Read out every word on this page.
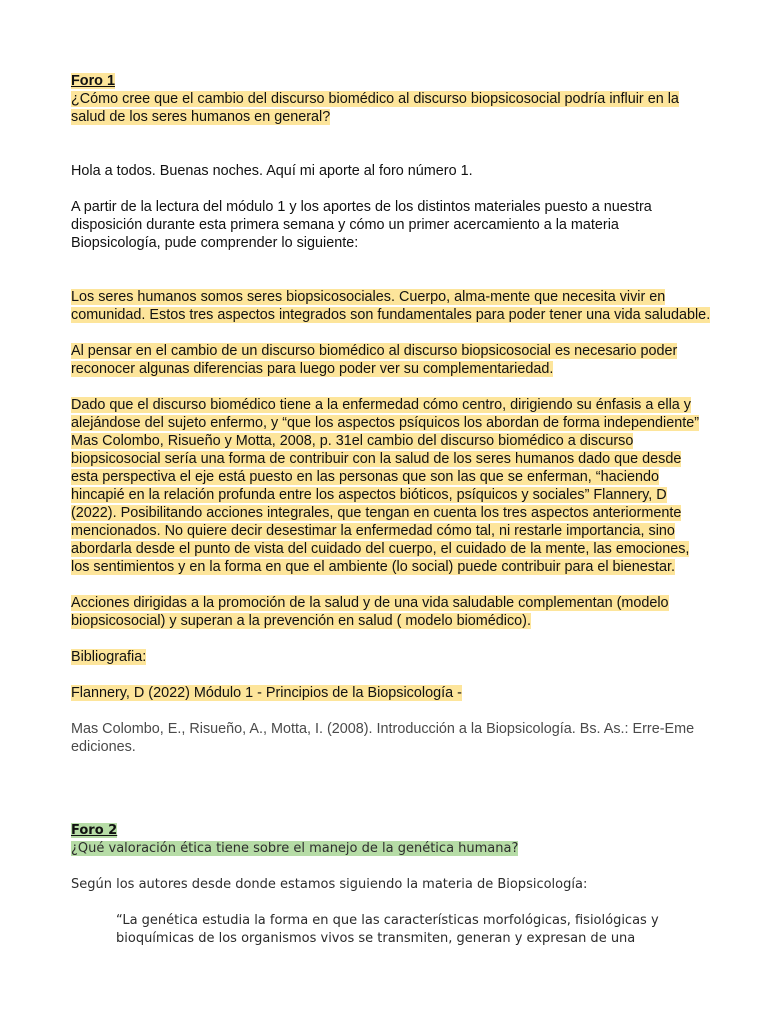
Foro 1
¿Cómo cree que el cambio del discurso biomédico al discurso biopsicosocial podría influir en la salud de los seres humanos en general?
Hola a todos. Buenas noches. Aquí mi aporte al foro número 1.
A partir de la lectura del módulo 1 y los aportes de los distintos materiales puesto a nuestra disposición durante esta primera semana y cómo un primer acercamiento a la materia Biopsicología, pude comprender lo siguiente:
Los seres humanos somos seres biopsicosociales. Cuerpo, alma-mente que necesita vivir en comunidad. Estos tres aspectos integrados son fundamentales para poder tener una vida saludable.
Al pensar en el cambio de un discurso biomédico al discurso biopsicosocial es necesario poder reconocer algunas diferencias para luego poder ver su complementariedad.
Dado que el discurso biomédico tiene a la enfermedad cómo centro, dirigiendo su énfasis a ella y alejándose del sujeto enfermo, y “que los aspectos psíquicos los abordan de forma independiente” Mas Colombo, Risueño y Motta, 2008, p. 31el cambio del discurso biomédico a discurso biopsicosocial sería una forma de contribuir con la salud de los seres humanos dado que desde esta perspectiva el eje está puesto en las personas que son las que se enferman, “haciendo hincapié en la relación profunda entre los aspectos bióticos, psíquicos y sociales” Flannery, D (2022). Posibilitando acciones integrales, que tengan en cuenta los tres aspectos anteriormente mencionados. No quiere decir desestimar la enfermedad cómo tal, ni restarle importancia, sino abordarla desde el punto de vista del cuidado del cuerpo, el cuidado de la mente, las emociones, los sentimientos y en la forma en que el ambiente (lo social) puede contribuir para el bienestar.
Acciones dirigidas a la promoción de la salud y de una vida saludable complementan (modelo biopsicosocial) y superan a la prevención en salud ( modelo biomédico).
Bibliografia:
Flannery, D (2022) Módulo 1 - Principios de la Biopsicología -
Mas Colombo, E., Risueño, A., Motta, I. (2008). Introducción a la Biopsicología. Bs. As.: Erre-Eme ediciones.
Foro 2
¿Qué valoración ética tiene sobre el manejo de la genética humana?
Según los autores desde donde estamos siguiendo la materia de Biopsicología:
“La genética estudia la forma en que las características morfológicas, fisiológicas y bioquímicas de los organismos vivos se transmiten, generan y expresan de una
